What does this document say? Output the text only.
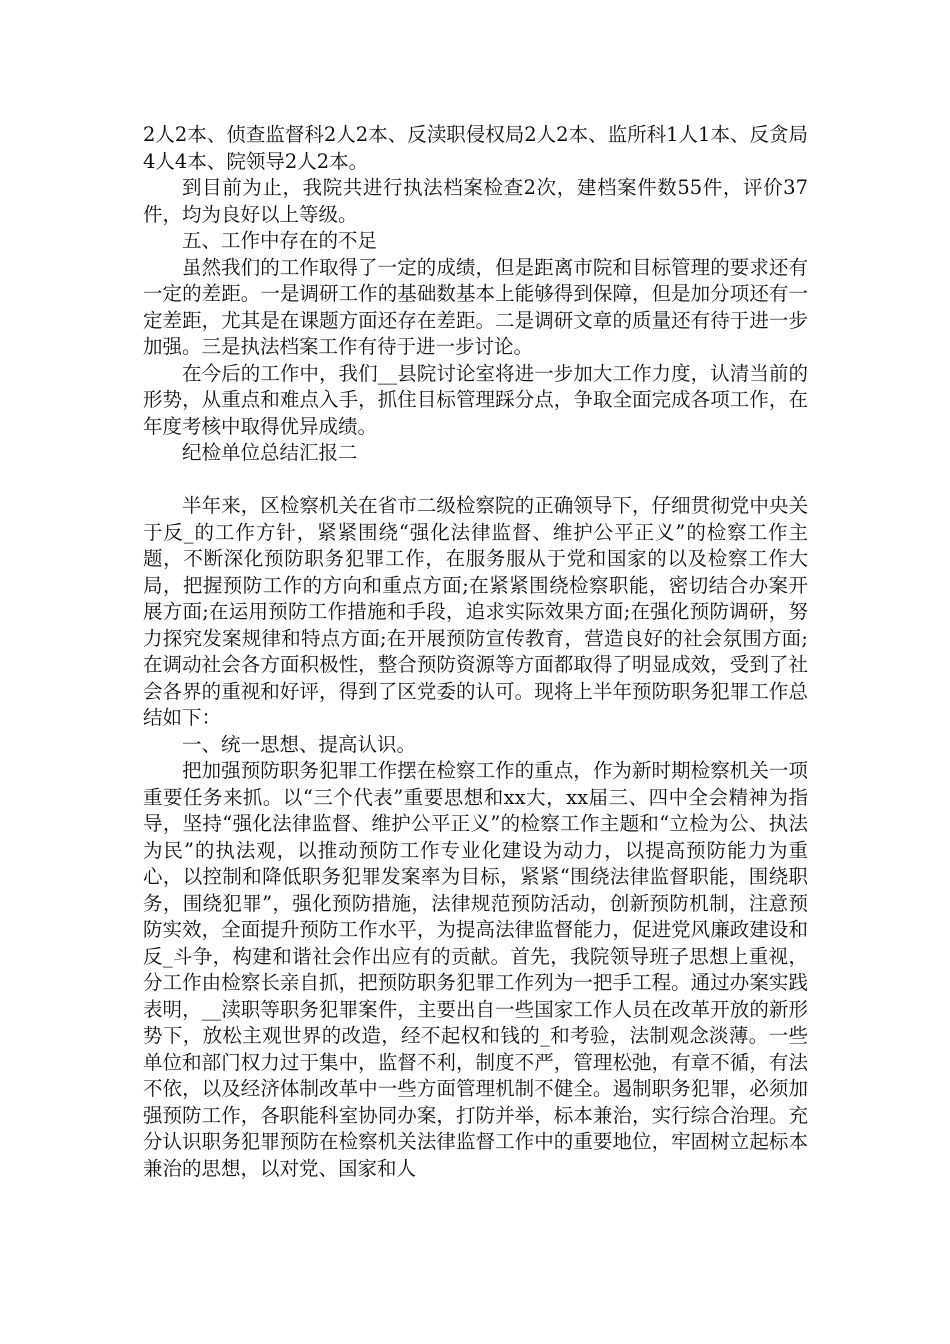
2人2本、侦查监督科2人2本、反渎职侵权局2人2本、监所科1人1本、反贪局4人4本、院领导2人2本。

到目前为止，我院共进行执法档案检查2次，建档案件数55件，评价37件，均为良好以上等级。

五、工作中存在的不足

虽然我们的工作取得了一定的成绩，但是距离市院和目标管理的要求还有一定的差距。一是调研工作的基础数基本上能够得到保障，但是加分项还有一定差距，尤其是在课题方面还存在差距。二是调研文章的质量还有待于进一步加强。三是执法档案工作有待于进一步讨论。

在今后的工作中，我们__县院讨论室将进一步加大工作力度，认清当前的形势，从重点和难点入手，抓住目标管理踩分点，争取全面完成各项工作，在年度考核中取得优异成绩。

纪检单位总结汇报二

半年来，区检察机关在省市二级检察院的正确领导下，仔细贯彻党中央关于反_的工作方针，紧紧围绕“强化法律监督、维护公平正义”的检察工作主题，不断深化预防职务犯罪工作，在服务服从于党和国家的以及检察工作大局，把握预防工作的方向和重点方面;在紧紧围绕检察职能，密切结合办案开展方面;在运用预防工作措施和手段，追求实际效果方面;在强化预防调研，努力探究发案规律和特点方面;在开展预防宣传教育，营造良好的社会氛围方面;在调动社会各方面积极性，整合预防资源等方面都取得了明显成效，受到了社会各界的重视和好评，得到了区党委的认可。现将上半年预防职务犯罪工作总结如下：

一、统一思想、提高认识。

把加强预防职务犯罪工作摆在检察工作的重点，作为新时期检察机关一项重要任务来抓。以“三个代表”重要思想和xx大，xx届三、四中全会精神为指导，坚持“强化法律监督、维护公平正义”的检察工作主题和“立检为公、执法为民”的执法观，以推动预防工作专业化建设为动力，以提高预防能力为重心，以控制和降低职务犯罪发案率为目标，紧紧“围绕法律监督职能，围绕职务，围绕犯罪”，强化预防措施，法律规范预防活动，创新预防机制，注意预防实效，全面提升预防工作水平，为提高法律监督能力，促进党风廉政建设和反_斗争，构建和谐社会作出应有的贡献。首先，我院领导班子思想上重视，分工作由检察长亲自抓，把预防职务犯罪工作列为一把手工程。通过办案实践表明，__渎职等职务犯罪案件，主要出自一些国家工作人员在改革开放的新形势下，放松主观世界的改造，经不起权和钱的_和考验，法制观念淡薄。一些单位和部门权力过于集中，监督不利，制度不严，管理松弛，有章不循，有法不依，以及经济体制改革中一些方面管理机制不健全。遏制职务犯罪，必须加强预防工作，各职能科室协同办案，打防并举，标本兼治，实行综合治理。充分认识职务犯罪预防在检察机关法律监督工作中的重要地位，牢固树立起标本兼治的思想，以对党、国家和人
